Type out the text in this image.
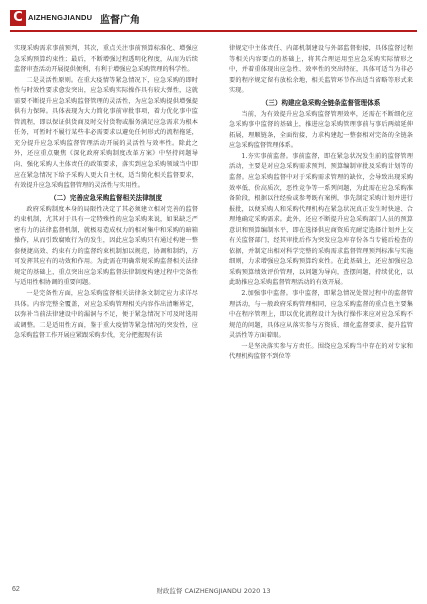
C AIZHENGJIANDU 监督广角

实现采购需求事前预判，其次，重点关注事前预算标准化、增强应急采购预算约束性；最后，不断增强过程透明化程度，从而为后续监督审查活动开展提供便利，有利于增强应急采购管理的科学性。

二是灵活性原则。在重大疫情等紧急情况下，应急采购的即时性与时效性要求愈发突出，应急采购实际操作具有较大弹性，这就需要不断提升应急采购监督管理的灵活性，为应急采购提供增强提供有力保障。具体表现为大力简化事前审批事项，着力优化事中监管流程，即以保证供货商及时交付货物或服务满足应急需求为根本任务，可暂时不履行某些非必需要求以避免任何形式的流程拖延，充分提升应急采购监督管理活动开展的灵活性与效率性。除此之外，还应重点聚焦《深化政府采购制度改革方案》中坚持问题导向、强化采购人主体责任的政策要求，落实到应急采购领域当中即应在紧急情况下给予采购人更大自主权，适当简化相关监督要求，有效提升应急采购监督管理的灵活性与实用性。

（二）完善应急采购监督相关法律制度

政府采购制度本身的局限性决定了其必须建立相对完善的监督约束机制，尤其对于具有一定特殊性的应急采购来说，如果缺乏严密有力的法律监督机制，就极易造成权力的相对集中和采购的暗箱操作，从而引致腐败行为的发生，因此应急采购只有通过构建一整套便捷高效、约束有力的监督约束机制加以规范，协调和制约，方可发挥其应有的功效和作用。为此需在明确常规采购监督相关法律规定的基础上，重点突出应急采购监督法律制度构建过程中完备性与适用性相协调的重要问题。

一是完备性方面，应急采购监督相关法律条文制定应力求详尽具体。内容完整全覆盖，对应急采购管理相关内容作出清晰界定，以弥补当前法律建设中的漏洞与不足，便于紧急情况下可及时选用或调整。二是适用性方面，鉴于重大疫情等紧急情况的突发性，应急采购监督工作开展应紧跟采购步伐，充分把握现有法

律规定中主体责任、内部机制建设与外部监督衔接，具体监督过程等相关内容要点的基础上，将其合理运用至应急采购实际情形之中，并着重体现出应急性、效率性的突出特征，具体可适当为非必要的程序规定留有放松余地，相关监管环节作出适当省略等形式来实现。

（三）构建应急采购全链条监督管理体系

当前，为有效提升应急采购监督管理效率，还需在不断细化应急采购事中监督的基础上，推进应急采购管理事前与事后两端延伸拓展，理顺链条，全面衔接，力求构建起一整套相对完备的全链条应急采购监督管理体系。

1.夯实事前监督。事前监督，即在紧急状况发生前的监督管理活动，主要是对应急采购需求预判、预算编制审批及采购计划等的监督。应急采购监督中对于采购需求管理的缺位，会导致出现采购效率低、价高质次，恶性竞争等一系列问题，为此需在应急采购准备阶段，根据以往经验或参考既有案例，事先制定采购计划并进行报批，以便采购人和采购代理机构在紧急状况真正发生时快速、合理地确定采购需求。此外，还应不断提升应急采购部门人员的预算意识和预算编制水平，即在选择供应商资质充耐定选择计划并上交有关监督部门，经其审批后作为突发应急库存份各当专能后检查的依据，并制定出相对科学完整的采购需求监督管理预判标准与实施细则，力求增强应急采购预算约束性。在此基础上，还应加强应急采购预算绩效评价管理，以问题为导向，查摆问题，持续优化，以此助推应急采购监督管理活动的有效开展。

2.加强事中监督。事中监督，即紧急情况处置过程中的监督管理活动，与一般政府采购管理相同，应急采购监督的重点也主要集中在程序管理上，即以优化流程设计为执行操作来应对应急采购不规范的问题，具体应从落实参与方资质、细化监督要求、提升监管灵活性等方面着眼。

一是坚决落实参与方责任。围绕应急采购当中存在的对专家和代理机构监督不到位等

62	财政监督 CAIZHENGJIANDU 2020 13
